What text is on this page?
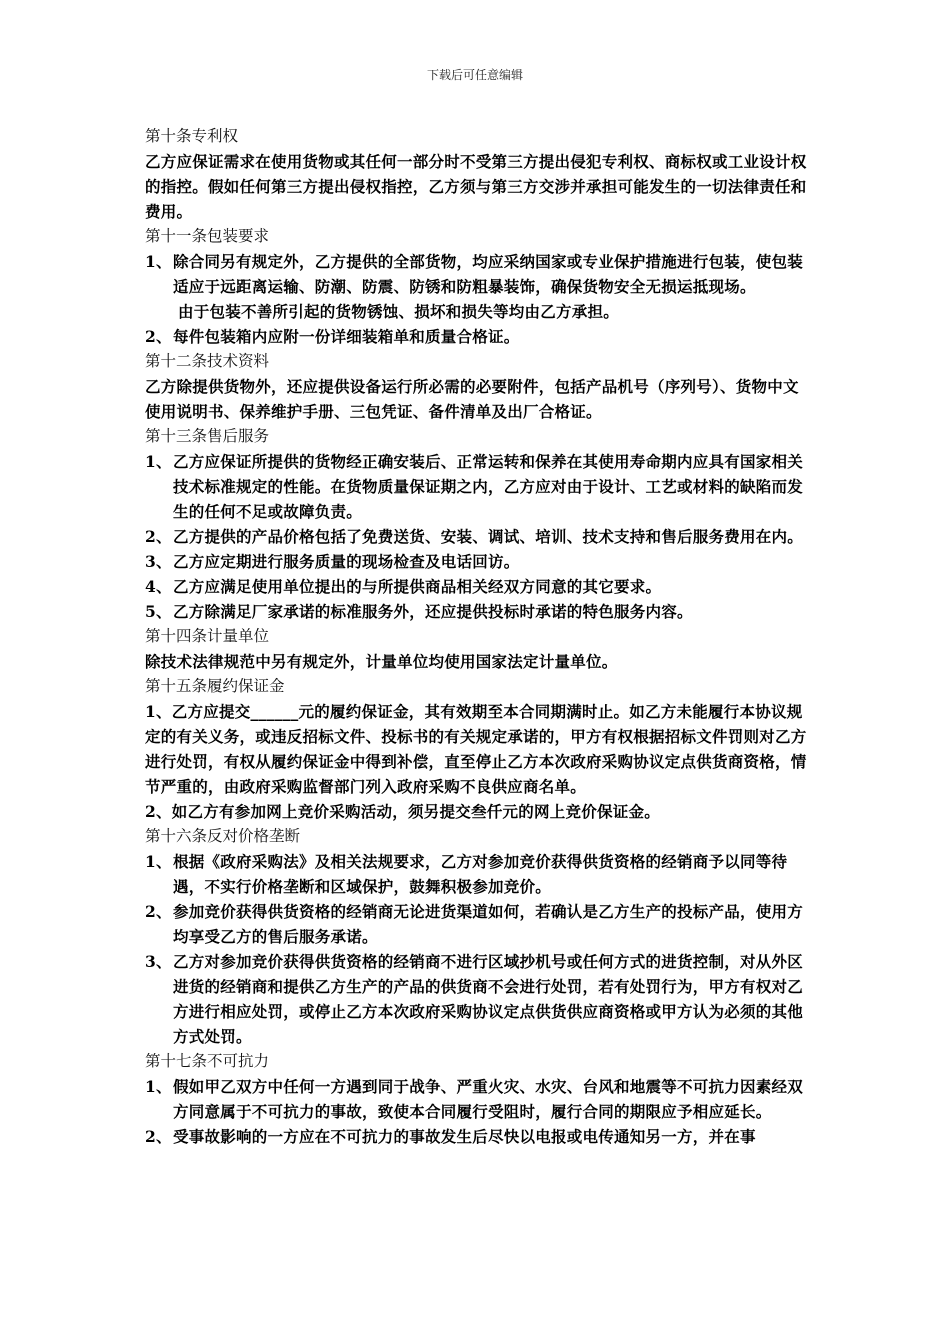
下载后可任意编辑
第十条专利权
乙方应保证需求在使用货物或其任何一部分时不受第三方提出侵犯专利权、商标权或工业设计权的指控。假如任何第三方提出侵权指控，乙方须与第三方交涉并承担可能发生的一切法律责任和费用。
第十一条包装要求
1、 除合同另有规定外，乙方提供的全部货物，均应采纳国家或专业保护措施进行包装，使包装适应于远距离运输、防潮、防震、防锈和防粗暴装饰，确保货物安全无损运抵现场。
由于包装不善所引起的货物锈蚀、损坏和损失等均由乙方承担。
2、 每件包装箱内应附一份详细装箱单和质量合格证。
第十二条技术资料
乙方除提供货物外，还应提供设备运行所必需的必要附件，包括产品机号（序列号）、货物中文使用说明书、保养维护手册、三包凭证、备件清单及出厂合格证。
第十三条售后服务
1、 乙方应保证所提供的货物经正确安装后、正常运转和保养在其使用寿命期内应具有国家相关技术标准规定的性能。在货物质量保证期之内，乙方应对由于设计、工艺或材料的缺陷而发生的任何不足或故障负责。
2、 乙方提供的产品价格包括了免费送货、安装、调试、培训、技术支持和售后服务费用在内。
3、 乙方应定期进行服务质量的现场检查及电话回访。
4、 乙方应满足使用单位提出的与所提供商品相关经双方同意的其它要求。
5、 乙方除满足厂家承诺的标准服务外，还应提供投标时承诺的特色服务内容。
第十四条计量单位
除技术法律规范中另有规定外，计量单位均使用国家法定计量单位。
第十五条履约保证金
1、乙方应提交______元的履约保证金，其有效期至本合同期满时止。如乙方未能履行本协议规定的有关义务，或违反招标文件、投标书的有关规定承诺的，甲方有权根据招标文件罚则对乙方进行处罚，有权从履约保证金中得到补偿，直至停止乙方本次政府采购协议定点供货商资格，情节严重的，由政府采购监督部门列入政府采购不良供应商名单。
2、如乙方有参加网上竞价采购活动，须另提交叁仟元的网上竞价保证金。
第十六条反对价格垄断
1、 根据《政府采购法》及相关法规要求，乙方对参加竞价获得供货资格的经销商予以同等待遇，不实行价格垄断和区域保护，鼓舞积极参加竞价。
2、 参加竞价获得供货资格的经销商无论进货渠道如何，若确认是乙方生产的投标产品，使用方均享受乙方的售后服务承诺。
3、 乙方对参加竞价获得供货资格的经销商不进行区域抄机号或任何方式的进货控制，对从外区进货的经销商和提供乙方生产的产品的供货商不会进行处罚，若有处罚行为，甲方有权对乙方进行相应处罚，或停止乙方本次政府采购协议定点供货供应商资格或甲方认为必须的其他方式处罚。
第十七条不可抗力
1、 假如甲乙双方中任何一方遇到同于战争、严重火灾、水灾、台风和地震等不可抗力因素经双方同意属于不可抗力的事故，致使本合同履行受阻时，履行合同的期限应予相应延长。
2、 受事故影响的一方应在不可抗力的事故发生后尽快以电报或电传通知另一方，并在事
